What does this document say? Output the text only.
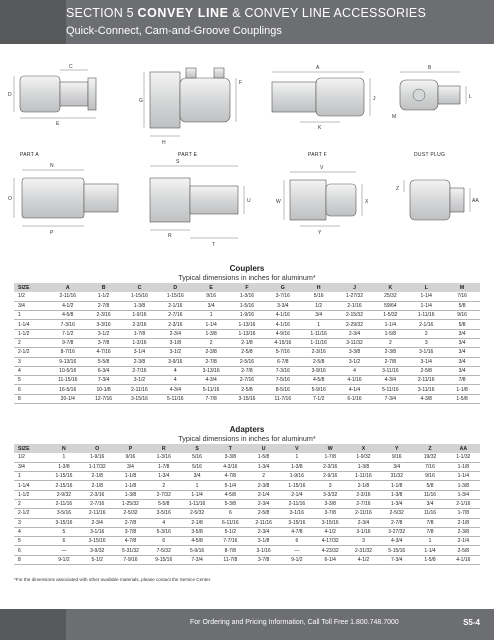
SECTION 5 CONVEY LINE & CONVEY LINE ACCESSORIES
Quick-Connect, Cam-and-Groove Couplings
C
D
E
H
F
G
A
K
J
B
M
L
N
O
P
S
R
U
T
V
W	X
Y
Z
AA
PART A	PART E	PART F	DUST PLUG
Couplers
Typical dimensions in inches for aluminum*
SIZE	A	B	C	D	E	F	G	H	J	K	L	M
1/2	2-11/16	1-1/2	1-15/16	1-15/16	9/16	1-3/16	3-7/16	5/16	1-27/32	25/32	1-1/4	7/16
3/4	4-1/2	2-7/8	1-3/8	2-1/16	3/4	1-5/16	3-3/4	1/2	2-1/16	59/64	1-1/4	5/8
1	4-5/8	2-3/16	1-9/16	2-7/16	1	1-9/16	4-1/16	3/4	2-15/32	1-5/32	1-11/16	9/16
1-1/4	7-3/16	3-3/16	2-3/16	2-3/16	1-1/4	1-13/16	4-1/16	1	2-29/32	1-1/4	2-1/16	5/8
1-1/2	7-1/2	3-1/2	1-7/8	2-3/4	1-3/8	1-13/16	4-9/16	1-11/16	2-3/4	1-5/8	2	3/4
2	9-7/8	3-7/8	1-3/16	3-1/8	2	2-1/8	4-15/16	1-11/16	3-11/32	2	3	3/4
2-1/2	8-7/16	4-7/16	3-1/4	3-1/2	2-3/8	2-5/8	5-7/16	2-3/16	3-3/8	2-3/8	3-1/16	3/4
3	9-13/16	5-5/8	2-3/8	3-9/16	2-7/8	2-5/16	6-7/8	2-5/8	3-1/2	2-7/8	3-1/4	3/4
4	10-5/16	6-3/4	2-7/16	4	3-13/16	2-7/8	7-3/16	3-9/16	4	3-11/16	2-5/8	3/4
5	11-15/16	7-3/4	3-1/2	4	4-3/4	2-7/16	7-5/16	4-5/8	4-1/16	4-3/4	2-11/16	7/8
6	16-5/16	10-1/8	2-11/16	4-3/4	5-11/16	2-5/8	8-5/16	5-9/16	4-1/4	5-11/16	3-11/16	1-1/8
8	20-1/4	12-7/16	3-15/16	5-11/16	7-7/8	3-15/16	11-7/16	7-1/2	6-1/16	7-3/4	4-3/8	1-5/8
Adapters
Typical dimensions in inches for aluminum*
SIZE	N	O	P	R	S	T	U	V	W	X	Y	Z	AA
1/2	1	1-9/16	9/16	1-3/16	5/16	3-3/8	1-5/8	1	1-7/8	1-9/32	9/16	19/32	1-1/32
3/4	1-3/8	1-17/32	3/4	1-7/8	5/16	4-3/16	1-3/4	1-3/8	2-3/16	1-3/8	3/4	7/16	1-1/8
1	1-15/16	2-1/8	1-1/8	1-3/4	3/4	4-7/8	2	1-9/16	2-9/16	1-11/16	31/32	9/16	1-1/4
1-1/4	2-15/16	2-1/8	1-1/8	2	1	5-1/4	2-3/8	1-15/16	3	2-1/8	1-1/8	5/8	1-3/8
1-1/2	2-9/32	2-3/16	1-3/8	2-7/32	1-1/4	4-5/8	2-1/4	2-1/4	3-3/32	2-3/16	1-3/8	11/16	1-3/4
2	2-11/16	2-7/16	1-25/32	5-5/8	1-11/16	5-3/8	2-3/4	2-11/16	3-3/8	2-7/16	1-3/4	3/4	2-1/16
2-1/2	3-5/16	2-11/16	2-5/32	3-5/16	2-5/32	6	2-5/8	3-1/16	3-7/8	2-11/16	2-5/32	11/16	1-7/8
3	3-15/16	2-3/4	2-7/8	4	2-1/8	6-11/16	2-11/16	3-15/16	3-15/16	2-3/4	2-7/8	7/8	2-1/8
4	5	3-1/16	3-7/8	5-3/16	3-5/8	5-1/2	2-3/4	4-7/8	4-1/2	3-1/16	3-27/32	7/8	2-3/8
5	6	3-15/16	4-7/8	6	4-5/8	7-7/16	3-1/8	6	4-17/32	3	4-3/4	1	2-1/4
6	—	3-9/32	5-31/32	7-5/32	5-9/16	8-7/8	3-1/16	—	4-23/32	2-31/32	5-15/16	1-1/4	2-5/8
8	9-1/2	5-1/2	7-9/16	9-15/16	7-3/4	11-7/8	3-7/8	9-1/2	6-1/4	4-1/2	7-3/4	1-5/8	4-1/16
*For the dimensions associated with other available materials, please contact the Service Center.
For Ordering and Pricing Information, Call Toll Free 1.800.748.7000	S5-4
